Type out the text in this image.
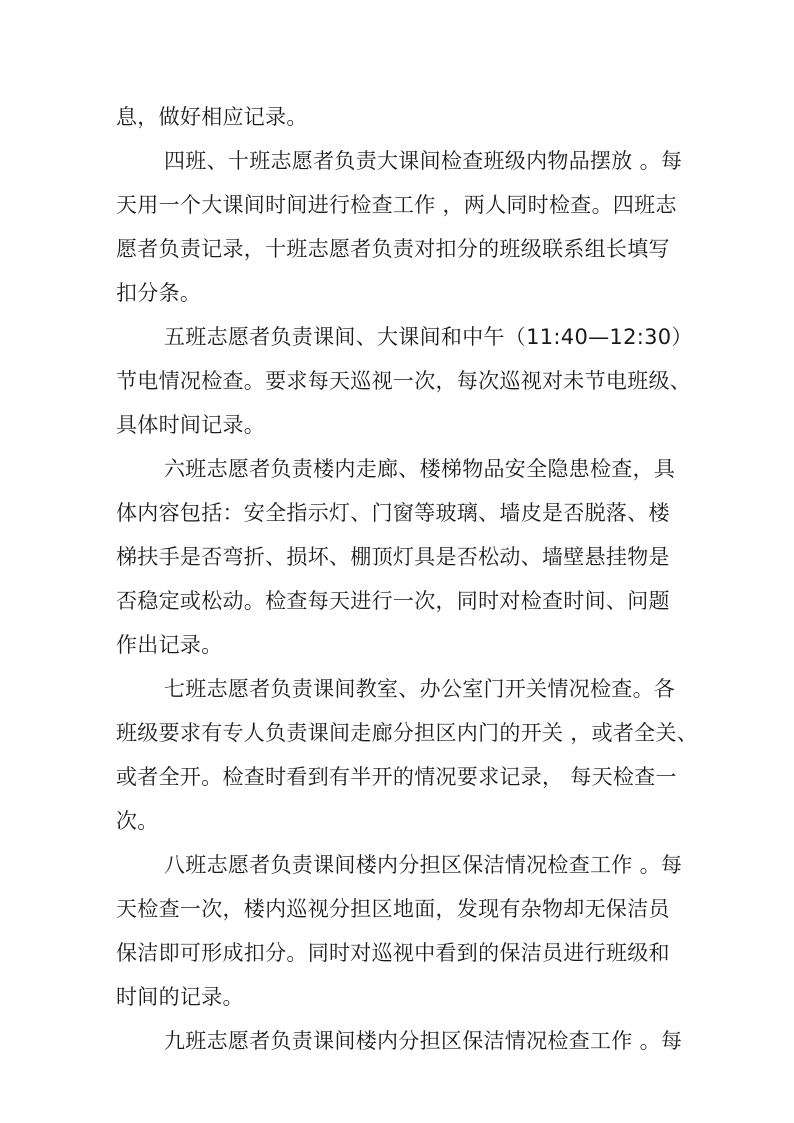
息，做好相应记录。
四班、十班志愿者负责大课间检查班级内物品摆放 。每
天用一个大课间时间进行检查工作 ，两人同时检查。四班志
愿者负责记录，十班志愿者负责对扣分的班级联系组长填写
扣分条。
五班志愿者负责课间、大课间和中午（11:40—12:30）
节电情况检查。要求每天巡视一次，每次巡视对未节电班级、
具体时间记录。
六班志愿者负责楼内走廊、楼梯物品安全隐患检查，具
体内容包括：安全指示灯、门窗等玻璃、墙皮是否脱落、楼
梯扶手是否弯折、损坏、棚顶灯具是否松动、墙壁悬挂物是
否稳定或松动。检查每天进行一次，同时对检查时间、问题
作出记录。
七班志愿者负责课间教室、办公室门开关情况检查。各
班级要求有专人负责课间走廊分担区内门的开关 ，或者全关、
或者全开。检查时看到有半开的情况要求记录， 每天检查一
次。
八班志愿者负责课间楼内分担区保洁情况检查工作 。每
天检查一次，楼内巡视分担区地面，发现有杂物却无保洁员
保洁即可形成扣分。同时对巡视中看到的保洁员进行班级和
时间的记录。
九班志愿者负责课间楼内分担区保洁情况检查工作 。每
